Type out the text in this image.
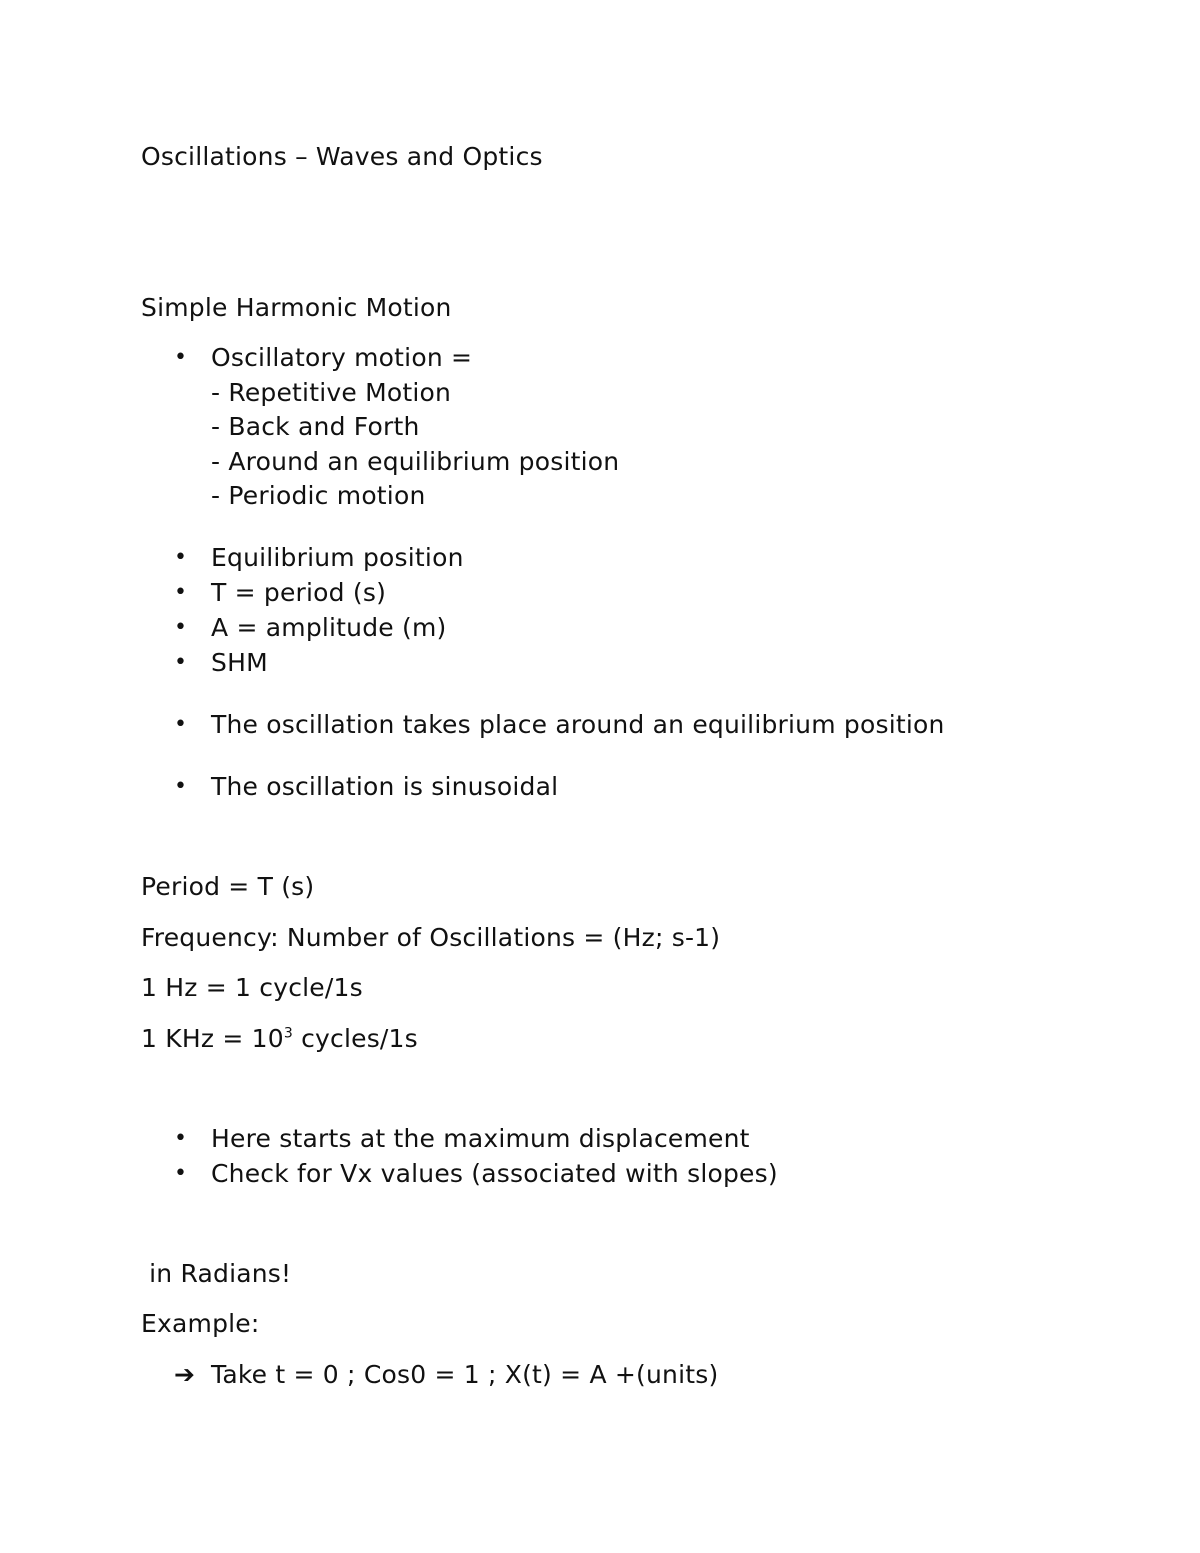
Oscillations – Waves and Optics
Simple Harmonic Motion
• Oscillatory motion =
- Repetitive Motion
- Back and Forth
- Around an equilibrium position
- Periodic motion
• Equilibrium position
• T = period (s)
• A = amplitude (m)
• SHM
• The oscillation takes place around an equilibrium position
• The oscillation is sinusoidal
Period = T (s)
Frequency: Number of Oscillations = (Hz; s-1)
1 Hz = 1 cycle/1s
1 KHz = $10^3$ cycles/1s
• Here starts at the maximum displacement
• Check for Vx values (associated with slopes)
in Radians!
Example:
➔ Take t = 0 ; Cos0 = 1 ; X(t) = A +(units)
